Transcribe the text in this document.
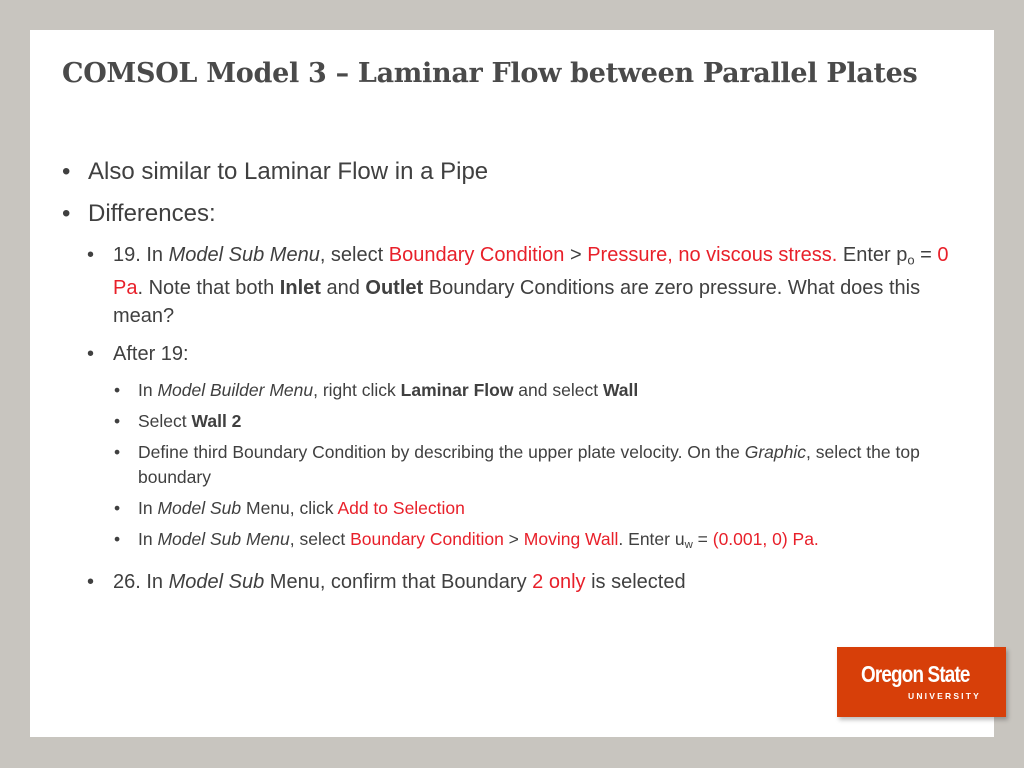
COMSOL Model 3 – Laminar Flow between Parallel Plates
• Also similar to Laminar Flow in a Pipe
• Differences:
• 19. In Model Sub Menu, select Boundary Condition > Pressure, no viscous stress. Enter $p_o = 0$ Pa. Note that both Inlet and Outlet Boundary Conditions are zero pressure. What does this mean?
• After 19:
• In Model Builder Menu, right click Laminar Flow and select Wall
• Select Wall 2
• Define third Boundary Condition by describing the upper plate velocity. On the Graphic, select the top boundary
• In Model Sub Menu, click Add to Selection
• In Model Sub Menu, select Boundary Condition > Moving Wall. Enter $u_w = (0.001$, 0) Pa.
• 26. In Model Sub Menu, confirm that Boundary 2 only is selected
Oregon State
UNIVERSITY
